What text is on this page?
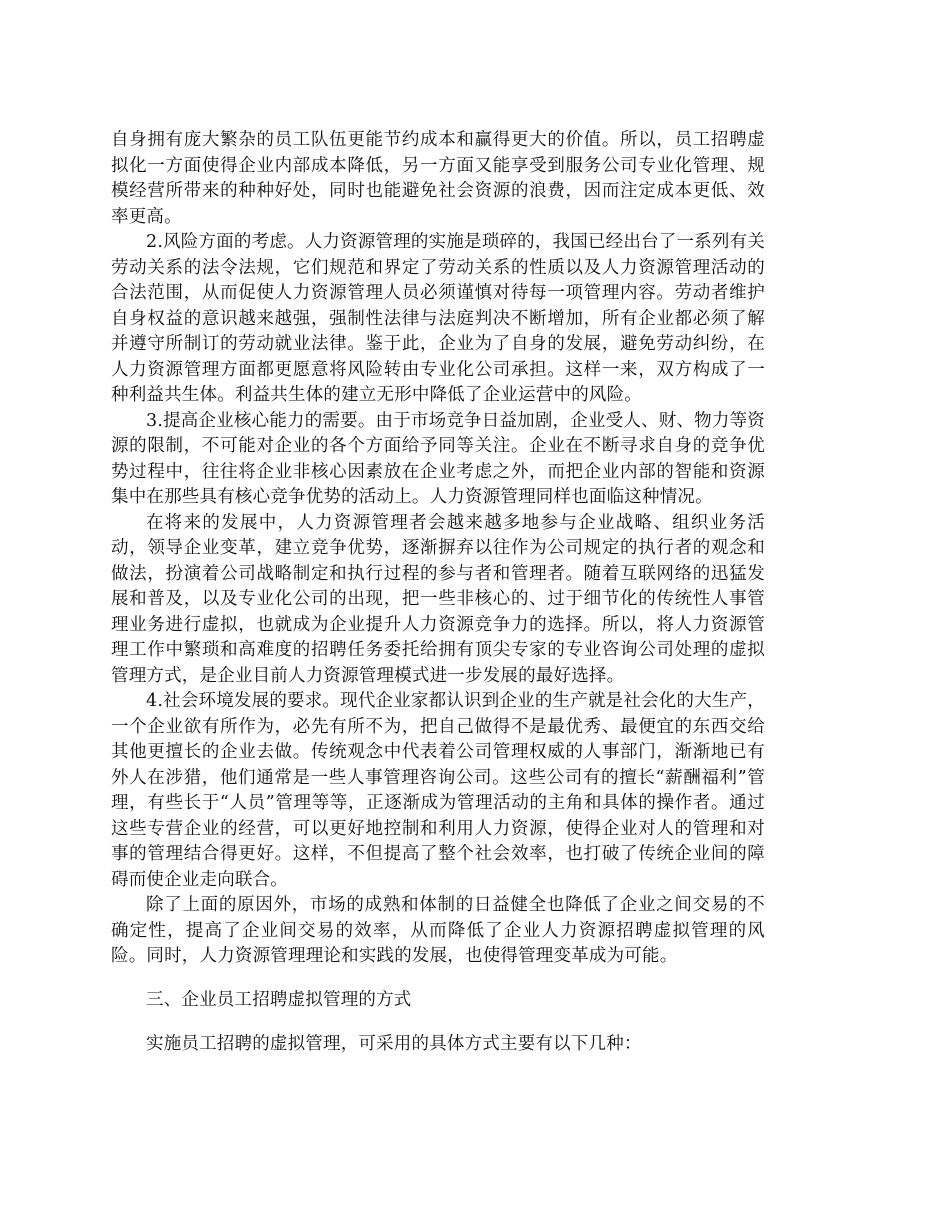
自身拥有庞大繁杂的员工队伍更能节约成本和赢得更大的价值。所以，员工招聘虚拟化一方面使得企业内部成本降低，另一方面又能享受到服务公司专业化管理、规模经营所带来的种种好处，同时也能避免社会资源的浪费，因而注定成本更低、效率更高。

2.风险方面的考虑。人力资源管理的实施是琐碎的，我国已经出台了一系列有关劳动关系的法令法规，它们规范和界定了劳动关系的性质以及人力资源管理活动的合法范围，从而促使人力资源管理人员必须谨慎对待每一项管理内容。劳动者维护自身权益的意识越来越强，强制性法律与法庭判决不断增加，所有企业都必须了解并遵守所制订的劳动就业法律。鉴于此，企业为了自身的发展，避免劳动纠纷，在人力资源管理方面都更愿意将风险转由专业化公司承担。这样一来，双方构成了一种利益共生体。利益共生体的建立无形中降低了企业运营中的风险。

3.提高企业核心能力的需要。由于市场竞争日益加剧，企业受人、财、物力等资源的限制，不可能对企业的各个方面给予同等关注。企业在不断寻求自身的竞争优势过程中，往往将企业非核心因素放在企业考虑之外，而把企业内部的智能和资源集中在那些具有核心竞争优势的活动上。人力资源管理同样也面临这种情况。

在将来的发展中，人力资源管理者会越来越多地参与企业战略、组织业务活动，领导企业变革，建立竞争优势，逐渐摒弃以往作为公司规定的执行者的观念和做法，扮演着公司战略制定和执行过程的参与者和管理者。随着互联网络的迅猛发展和普及，以及专业化公司的出现，把一些非核心的、过于细节化的传统性人事管理业务进行虚拟，也就成为企业提升人力资源竞争力的选择。所以，将人力资源管理工作中繁琐和高难度的招聘任务委托给拥有顶尖专家的专业咨询公司处理的虚拟管理方式，是企业目前人力资源管理模式进一步发展的最好选择。

4.社会环境发展的要求。现代企业家都认识到企业的生产就是社会化的大生产，一个企业欲有所作为，必先有所不为，把自己做得不是最优秀、最便宜的东西交给其他更擅长的企业去做。传统观念中代表着公司管理权威的人事部门，渐渐地已有外人在涉猎，他们通常是一些人事管理咨询公司。这些公司有的擅长“薪酬福利”管理，有些长于“人员”管理等等，正逐渐成为管理活动的主角和具体的操作者。通过这些专营企业的经营，可以更好地控制和利用人力资源，使得企业对人的管理和对事的管理结合得更好。这样，不但提高了整个社会效率，也打破了传统企业间的障碍而使企业走向联合。

除了上面的原因外，市场的成熟和体制的日益健全也降低了企业之间交易的不确定性，提高了企业间交易的效率，从而降低了企业人力资源招聘虚拟管理的风险。同时，人力资源管理理论和实践的发展，也使得管理变革成为可能。

三、企业员工招聘虚拟管理的方式

实施员工招聘的虚拟管理，可采用的具体方式主要有以下几种：
